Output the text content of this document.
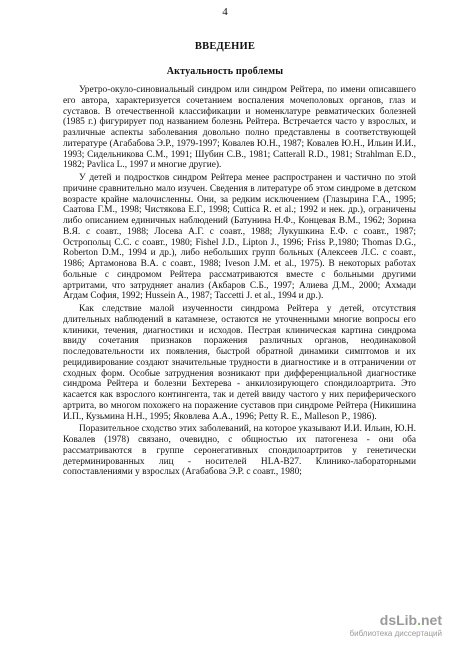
4
ВВЕДЕНИЕ
Актуальность проблемы

Уретро-окуло-синовиальный синдром или синдром Рейтера, по имени описавшего его автора, характеризуется сочетанием воспаления мочеполовых органов, глаз и суставов. В отечественной классификации и номенклатуре ревматических болезней (1985 г.) фигурирует под названием болезнь Рейтера. Встречается часто у взрослых, и различные аспекты заболевания довольно полно представлены в соответствующей литературе (Агабабова Э.Р., 1979-1997; Ковалев Ю.Н., 1987; Ковалев Ю.Н., Ильин И.И., 1993; Сидельникова С.М., 1991; Шубин С.В., 1981; Catterall R.D., 1981; Strahlman E.D., 1982; Pavlica L., 1997 и многие другие).

У детей и подростков синдром Рейтера менее распространен и частично по этой причине сравнительно мало изучен. Сведения в литературе об этом синдроме в детском возрасте крайне малочисленны. Они, за редким исключением (Глазырина Г.А., 1995; Саатова Г.М., 1998; Чистякова Е.Г., 1998; Cuttica R. et al.; 1992 и нек. др.), ограничены либо описанием единичных наблюдений (Батунина Н.Ф., Концевая В.М., 1962; Зорина В.Я. с соавт., 1988; Лосева А.Г. с соавт., 1988; Лукушкина Е.Ф. с соавт., 1987; Остропольц С.С. с соавт., 1980; Fishel J.D., Lipton J., 1996; Friss P.,1980; Thomas D.G., Roberton D.M., 1994 и др.), либо небольших групп больных (Алексеев Л.С. с соавт., 1986; Артамонова В.А. с соавт., 1988; Iveson J.M. et al., 1975). В некоторых работах больные с синдромом Рейтера рассматриваются вместе с больными другими артритами, что затрудняет анализ (Акбаров С.Б., 1997; Алиева Д.М., 2000; Ахмади Агдам София, 1992; Hussein A., 1987; Taccetti J. et al., 1994 и др.).

Как следствие малой изученности синдрома Рейтера у детей, отсутствия длительных наблюдений в катамнезе, остаются не уточненными многие вопросы его клиники, течения, диагностики и исходов. Пестрая клиническая картина синдрома ввиду сочетания признаков поражения различных органов, неодинаковой последовательности их появления, быстрой обратной динамики симптомов и их рецидивирование создают значительные трудности в диагностике и в отграничении от сходных форм. Особые затруднения возникают при дифференциальной диагностике синдрома Рейтера и болезни Бехтерева - анкилозирующего спондилоартрита. Это касается как взрослого контингента, так и детей ввиду частого у них периферического артрита, во многом похожего на поражение суставов при синдроме Рейтера (Никишина И.П., Кузьмина Н.Н., 1995; Яковлева А.А., 1996; Petty R. E., Malleson P., 1986).

Поразительное сходство этих заболеваний, на которое указывают И.И. Ильин, Ю.Н. Ковалев (1978) связано, очевидно, с общностью их патогенеза - они оба рассматриваются в группе серонегативных спондилоартритов у генетически детерминированных лиц - носителей HLA-B27. Клинико-лабораторными сопоставлениями у взрослых (Агабабова Э.Р. с соавт., 1980;

dsLib.net
библиотека диссертаций
